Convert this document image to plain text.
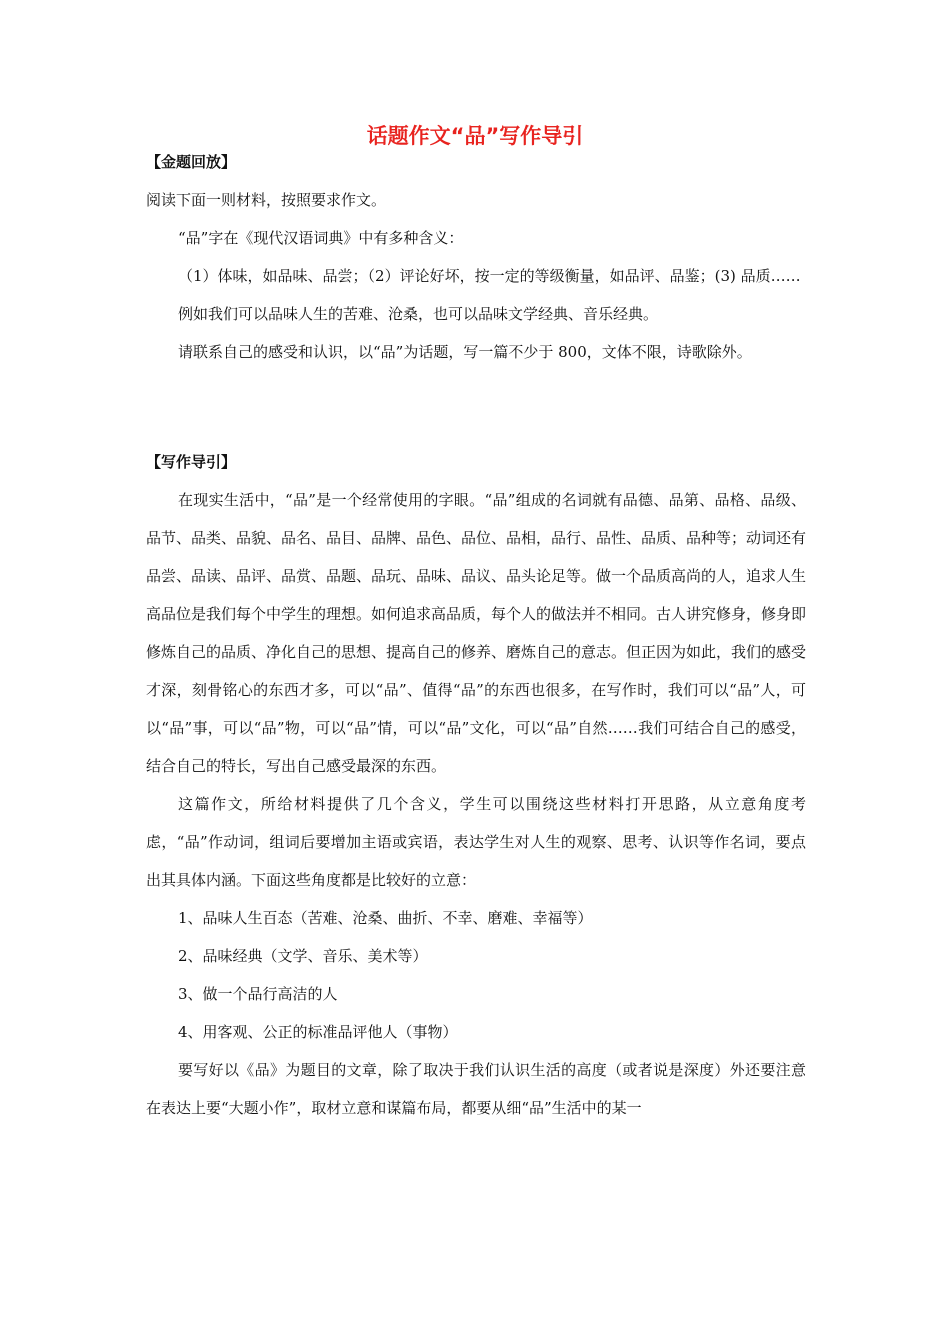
话题作文“品”写作导引
【金题回放】
阅读下面一则材料，按照要求作文。
“品”字在《现代汉语词典》中有多种含义：
（1）体味，如品味、品尝；（2）评论好坏，按一定的等级衡量，如品评、品鉴；(3) 品质……
例如我们可以品味人生的苦难、沧桑，也可以品味文学经典、音乐经典。
请联系自己的感受和认识，以“品”为话题，写一篇不少于 800，文体不限，诗歌除外。
【写作导引】
在现实生活中，“品”是一个经常使用的字眼。“品”组成的名词就有品德、品第、品格、品级、品节、品类、品貌、品名、品目、品牌、品色、品位、品相，品行、品性、品质、品种等；动词还有品尝、品读、品评、品赏、品题、品玩、品味、品议、品头论足等。做一个品质高尚的人，追求人生高品位是我们每个中学生的理想。如何追求高品质，每个人的做法并不相同。古人讲究修身，修身即修炼自己的品质、净化自己的思想、提高自己的修养、磨炼自己的意志。但正因为如此，我们的感受才深，刻骨铭心的东西才多，可以“品”、值得“品”的东西也很多，在写作时，我们可以“品”人，可以“品”事，可以“品”物，可以“品”情，可以“品”文化，可以“品”自然……我们可结合自己的感受，结合自己的特长，写出自己感受最深的东西。
这篇作文，所给材料提供了几个含义，学生可以围绕这些材料打开思路，从立意角度考虑，“品”作动词，组词后要增加主语或宾语，表达学生对人生的观察、思考、认识等作名词，要点出其具体内涵。下面这些角度都是比较好的立意：
1、品味人生百态（苦难、沧桑、曲折、不幸、磨难、幸福等）
2、品味经典（文学、音乐、美术等）
3、做一个品行高洁的人
4、用客观、公正的标准品评他人（事物）
要写好以《品》为题目的文章，除了取决于我们认识生活的高度（或者说是深度）外还要注意在表达上要“大题小作”，取材立意和谋篇布局，都要从细“品”生活中的某一
